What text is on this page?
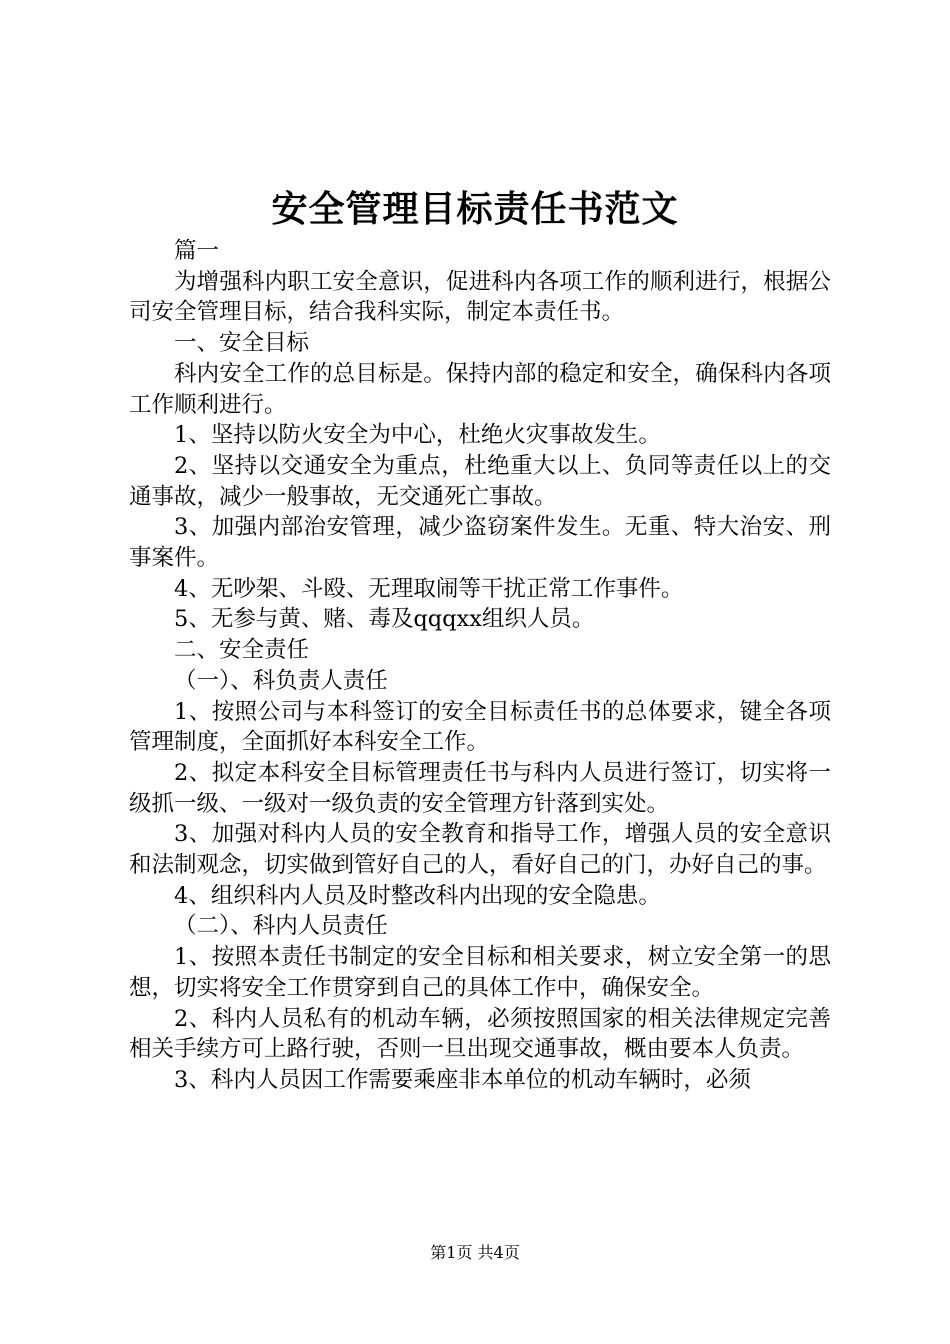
安全管理目标责任书范文

篇一

为增强科内职工安全意识，促进科内各项工作的顺利进行，根据公司安全管理目标，结合我科实际，制定本责任书。

一、安全目标

科内安全工作的总目标是。保持内部的稳定和安全，确保科内各项工作顺利进行。

1、坚持以防火安全为中心，杜绝火灾事故发生。

2、坚持以交通安全为重点，杜绝重大以上、负同等责任以上的交通事故，减少一般事故，无交通死亡事故。

3、加强内部治安管理，减少盗窃案件发生。无重、特大治安、刑事案件。

4、无吵架、斗殴、无理取闹等干扰正常工作事件。

5、无参与黄、赌、毒及qqqxx组织人员。

二、安全责任

（一）、科负责人责任

1、按照公司与本科签订的安全目标责任书的总体要求，键全各项管理制度，全面抓好本科安全工作。

2、拟定本科安全目标管理责任书与科内人员进行签订，切实将一级抓一级、一级对一级负责的安全管理方针落到实处。

3、加强对科内人员的安全教育和指导工作，增强人员的安全意识和法制观念，切实做到管好自己的人，看好自己的门，办好自己的事。

4、组织科内人员及时整改科内出现的安全隐患。

（二）、科内人员责任

1、按照本责任书制定的安全目标和相关要求，树立安全第一的思想，切实将安全工作贯穿到自己的具体工作中，确保安全。

2、科内人员私有的机动车辆，必须按照国家的相关法律规定完善相关手续方可上路行驶，否则一旦出现交通事故，概由要本人负责。

3、科内人员因工作需要乘座非本单位的机动车辆时，必须

第1页 共4页
